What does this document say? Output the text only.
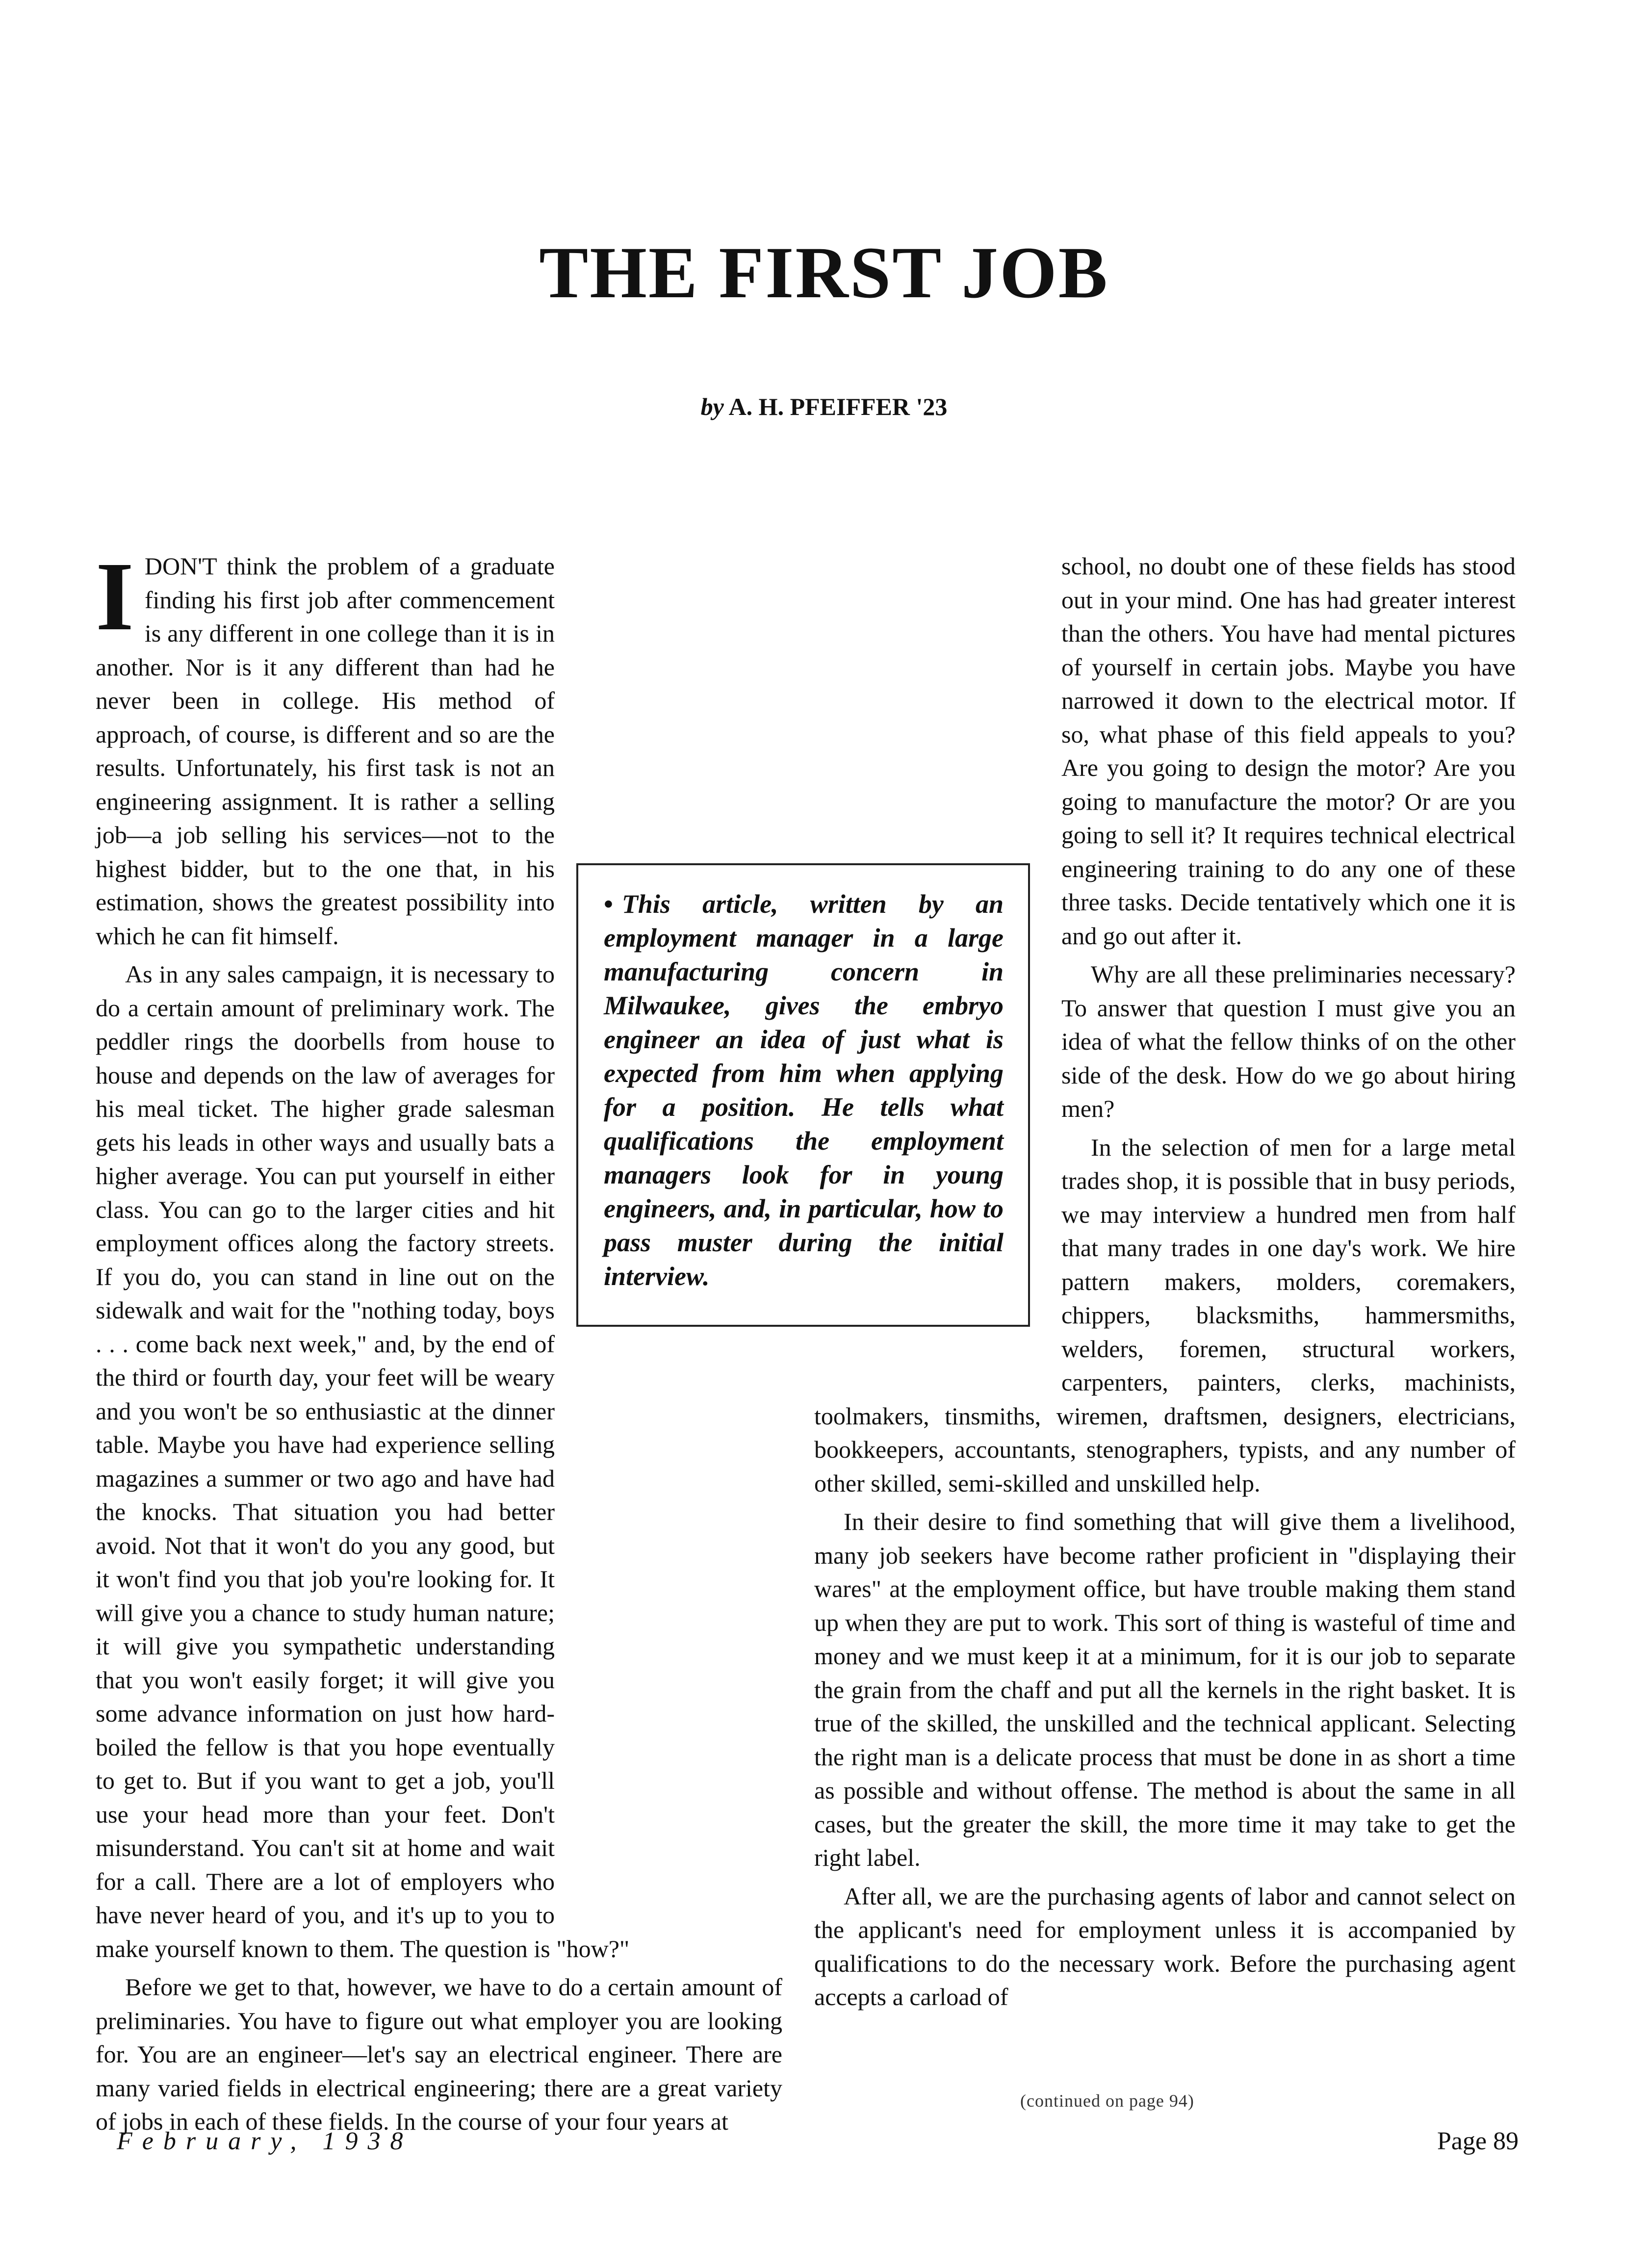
THE FIRST JOB
by A. H. PFEIFFER '23

IDON'T think the problem of a graduate finding his first job after commencement is any different in one college than it is in another. Nor is it any different than had he never been in college. His method of approach, of course, is different and so are the results. Unfortunately, his first task is not an engineering assignment. It is rather a selling job—a job selling his services—not to the highest bidder, but to the one that, in his estimation, shows the greatest possibility into which he can fit himself.

As in any sales campaign, it is necessary to do a certain amount of preliminary work. The peddler rings the doorbells from house to house and depends on the law of averages for his meal ticket. The higher grade salesman gets his leads in other ways and usually bats a higher average. You can put yourself in either class. You can go to the larger cities and hit employment offices along the factory streets. If you do, you can stand in line out on the sidewalk and wait for the "nothing today, boys . . . come back next week," and, by the end of the third or fourth day, your feet will be weary and you won't be so enthusiastic at the dinner table. Maybe you have had experience selling magazines a summer or two ago and have had the knocks. That situation you had better avoid. Not that it won't do you any good, but it won't find you that job you're looking for. It will give you a chance to study human nature; it will give you sympathetic understanding that you won't easily forget; it will give you some advance information on just how hard-boiled the fellow is that you hope eventually to get to. But if you want to get a job, you'll use your head more than your feet. Don't misunderstand. You can't sit at home and wait for a call. There are a lot of employers who have never heard of you, and it's up to you to make yourself known to them. The question is "how?"

Before we get to that, however, we have to do a certain amount of preliminaries. You have to figure out what employer you are looking for. You are an engineer—let's say an electrical engineer. There are many varied fields in electrical engineering; there are a great variety of jobs in each of these fields. In the course of your four years at

school, no doubt one of these fields has stood out in your mind. One has had greater interest than the others. You have had mental pictures of yourself in certain jobs. Maybe you have narrowed it down to the electrical motor. If so, what phase of this field appeals to you? Are you going to design the motor? Are you going to manufacture the motor? Or are you going to sell it? It requires technical electrical engineering training to do any one of these three tasks. Decide tentatively which one it is and go out after it.

Why are all these preliminaries necessary? To answer that question I must give you an idea of what the fellow thinks of on the other side of the desk. How do we go about hiring men?

In the selection of men for a large metal trades shop, it is possible that in busy periods, we may interview a hundred men from half that many trades in one day's work. We hire pattern makers, molders, coremakers, chippers, blacksmiths, hammersmiths, welders, foremen, structural workers, carpenters, painters, clerks, machinists, toolmakers, tinsmiths, wiremen, draftsmen, designers, electricians, bookkeepers, accountants, stenographers, typists, and any number of other skilled, semi-skilled and unskilled help.

In their desire to find something that will give them a livelihood, many job seekers have become rather proficient in "displaying their wares" at the employment office, but have trouble making them stand up when they are put to work. This sort of thing is wasteful of time and money and we must keep it at a minimum, for it is our job to separate the grain from the chaff and put all the kernels in the right basket. It is true of the skilled, the unskilled and the technical applicant. Selecting the right man is a delicate process that must be done in as short a time as possible and without offense. The method is about the same in all cases, but the greater the skill, the more time it may take to get the right label.

After all, we are the purchasing agents of labor and cannot select on the applicant's need for employment unless it is accompanied by qualifications to do the necessary work. Before the purchasing agent accepts a carload of

• This article, written by an employment manager in a large manufacturing concern in Milwaukee, gives the embryo engineer an idea of just what is expected from him when applying for a position. He tells what qualifications the employment managers look for in young engineers, and, in particular, how to pass muster during the initial interview.
(continued on page 94)
February, 1938	Page 89
